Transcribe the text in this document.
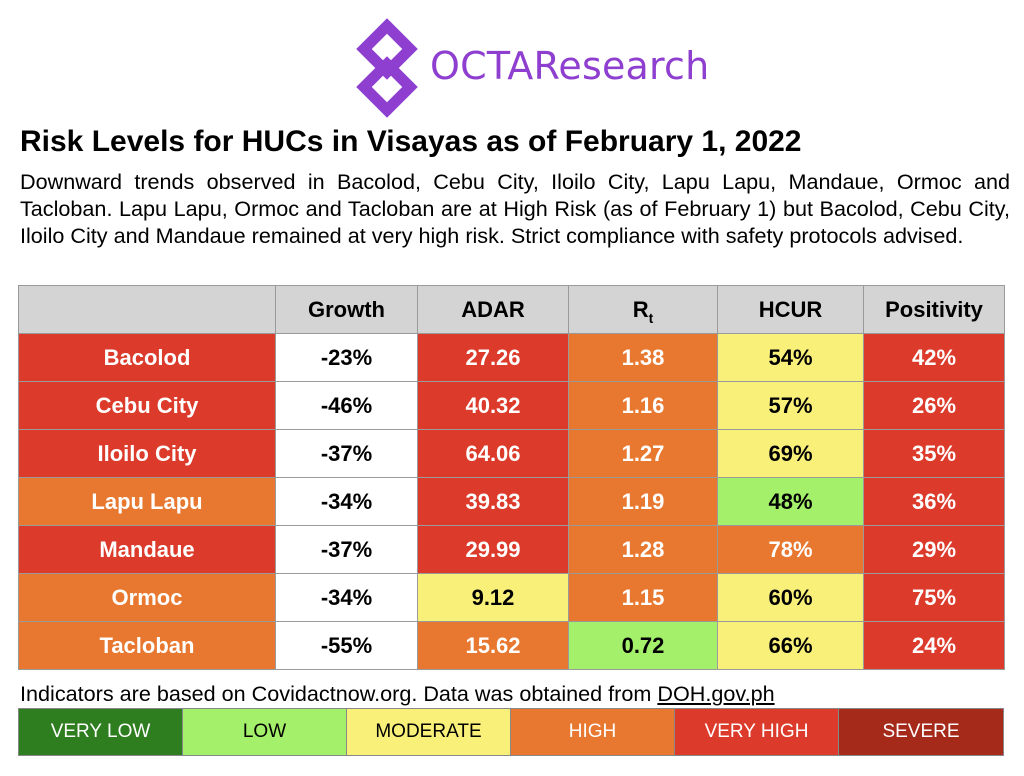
OCTAResearch
Risk Levels for HUCs in Visayas as of February 1, 2022
Downward trends observed in Bacolod, Cebu City, Iloilo City, Lapu Lapu, Mandaue, Ormoc and Tacloban. Lapu Lapu, Ormoc and Tacloban are at High Risk (as of February 1) but Bacolod, Cebu City, Iloilo City and Mandaue remained at very high risk. Strict compliance with safety protocols advised.
	Growth	ADAR	$R_t$	HCUR	Positivity
Bacolod	-23%	27.26	1.38	54%	42%
Cebu City	-46%	40.32	1.16	57%	26%
Iloilo City	-37%	64.06	1.27	69%	35%
Lapu Lapu	-34%	39.83	1.19	48%	36%
Mandaue	-37%	29.99	1.28	78%	29%
Ormoc	-34%	9.12	1.15	60%	75%
Tacloban	-55%	15.62	0.72	66%	24%
Indicators are based on Covidactnow.org. Data was obtained from DOH.gov.ph
VERY LOW	LOW	MODERATE	HIGH	VERY HIGH	SEVERE
